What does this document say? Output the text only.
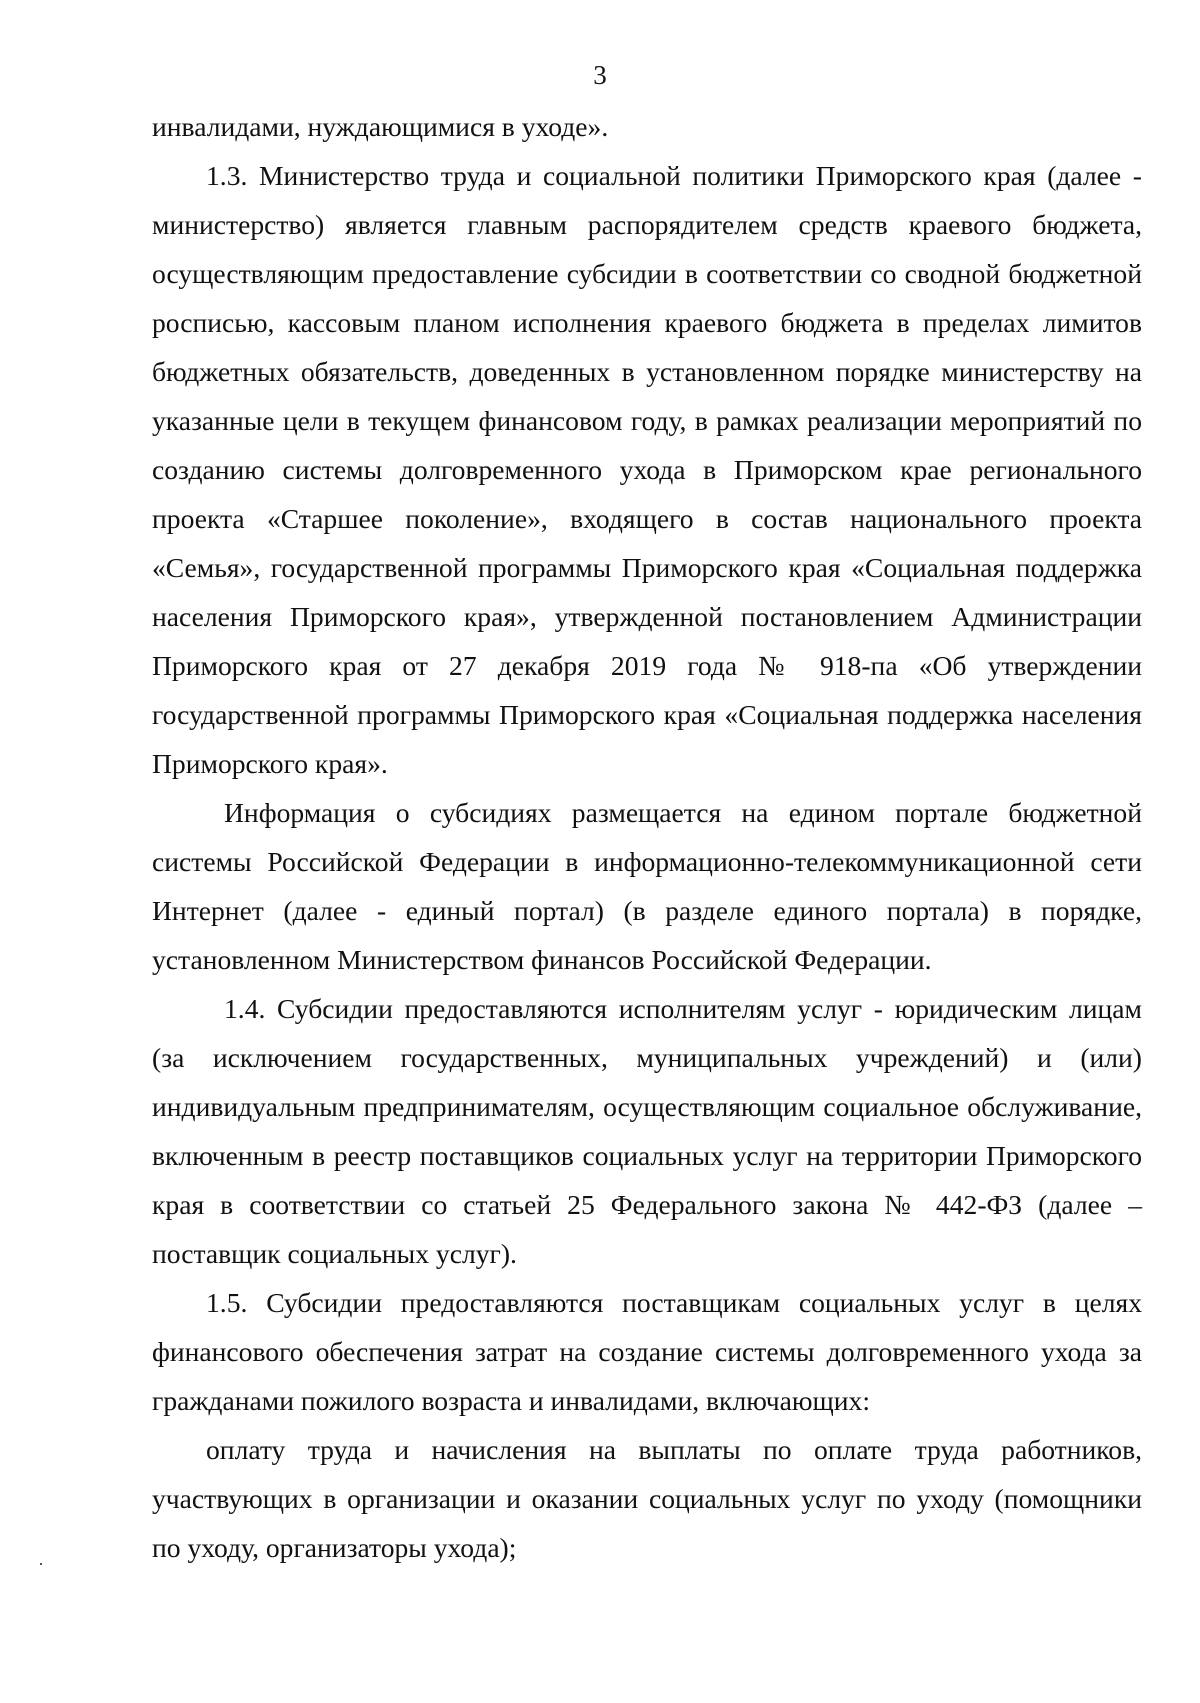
3

инвалидами, нуждающимися в уходе».

1.3. Министерство труда и социальной политики Приморского края (далее - министерство) является главным распорядителем средств краевого бюджета, осуществляющим предоставление субсидии в соответствии со сводной бюджетной росписью, кассовым планом исполнения краевого бюджета в пределах лимитов бюджетных обязательств, доведенных в установленном порядке министерству на указанные цели в текущем финансовом году, в рамках реализации мероприятий по созданию системы долговременного ухода в Приморском крае регионального проекта «Старшее поколение», входящего в состав национального проекта «Семья», государственной программы Приморского края «Социальная поддержка населения Приморского края», утвержденной постановлением Администрации Приморского края от 27 декабря 2019 года № 918-па «Об утверждении государственной программы Приморского края «Социальная поддержка населения Приморского края».

Информация о субсидиях размещается на едином портале бюджетной системы Российской Федерации в информационно-телекоммуникационной сети Интернет (далее - единый портал) (в разделе единого портала) в порядке, установленном Министерством финансов Российской Федерации.

1.4. Субсидии предоставляются исполнителям услуг - юридическим лицам (за исключением государственных, муниципальных учреждений) и (или) индивидуальным предпринимателям, осуществляющим социальное обслуживание, включенным в реестр поставщиков социальных услуг на территории Приморского края в соответствии со статьей 25 Федерального закона № 442-ФЗ (далее – поставщик социальных услуг).

1.5. Субсидии предоставляются поставщикам социальных услуг в целях финансового обеспечения затрат на создание системы долговременного ухода за гражданами пожилого возраста и инвалидами, включающих:

оплату труда и начисления на выплаты по оплате труда работников, участвующих в организации и оказании социальных услуг по уходу (помощники по уходу, организаторы ухода);
